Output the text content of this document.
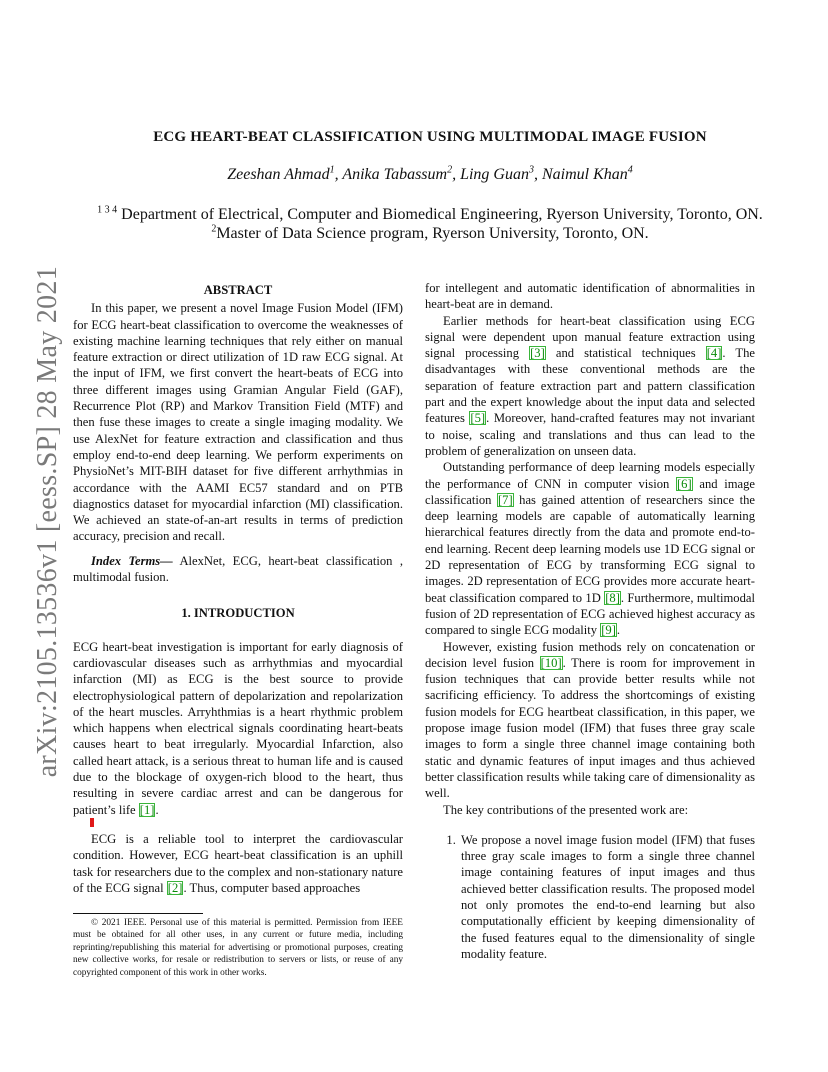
arXiv:2105.13536v1 [eess.SP] 28 May 2021
ECG HEART-BEAT CLASSIFICATION USING MULTIMODAL IMAGE FUSION
Zeeshan Ahmad$^1$, Anika Tabassum$^2$, Ling Guan$^3$, Naimul Khan$^4$
$^{1 3 4}$ Department of Electrical, Computer and Biomedical Engineering, Ryerson University, Toronto, ON.
$^2$Master of Data Science program, Ryerson University, Toronto, ON.
ABSTRACT

In this paper, we present a novel Image Fusion Model (IFM) for ECG heart-beat classification to overcome the weaknesses of existing machine learning techniques that rely either on manual feature extraction or direct utilization of 1D raw ECG signal. At the input of IFM, we first convert the heart-beats of ECG into three different images using Gramian Angular Field (GAF), Recurrence Plot (RP) and Markov Transition Field (MTF) and then fuse these images to create a single imaging modality. We use AlexNet for feature extraction and classification and thus employ end-to-end deep learning. We perform experiments on PhysioNet’s MIT-BIH dataset for five different arrhythmias in accordance with the AAMI EC57 standard and on PTB diagnostics dataset for myocardial infarction (MI) classification. We achieved an state-of-an-art results in terms of prediction accuracy, precision and recall.

Index Terms— AlexNet, ECG, heart-beat classification , multimodal fusion.

1. INTRODUCTION

ECG heart-beat investigation is important for early diagnosis of cardiovascular diseases such as arrhythmias and myocardial infarction (MI) as ECG is the best source to provide electrophysiological pattern of depolarization and repolarization of the heart muscles. Arryhthmias is a heart rhythmic problem which happens when electrical signals coordinating heart-beats causes heart to beat irregularly. Myocardial Infarction, also called heart attack, is a serious threat to human life and is caused due to the blockage of oxygen-rich blood to the heart, thus resulting in severe cardiac arrest and can be dangerous for patient’s life [1].

ECG is a reliable tool to interpret the cardiovascular condition. However, ECG heart-beat classification is an uphill task for researchers due to the complex and non-stationary nature of the ECG signal [2]. Thus, computer based approaches

© 2021 IEEE. Personal use of this material is permitted. Permission from IEEE must be obtained for all other uses, in any current or future media, including reprinting/republishing this material for advertising or promotional purposes, creating new collective works, for resale or redistribution to servers or lists, or reuse of any copyrighted component of this work in other works.

for intellegent and automatic identification of abnormalities in heart-beat are in demand.

Earlier methods for heart-beat classification using ECG signal were dependent upon manual feature extraction using signal processing [3] and statistical techniques [4]. The disadvantages with these conventional methods are the separation of feature extraction part and pattern classification part and the expert knowledge about the input data and selected features [5]. Moreover, hand-crafted features may not invariant to noise, scaling and translations and thus can lead to the problem of generalization on unseen data.

Outstanding performance of deep learning models especially the performance of CNN in computer vision [6] and image classification [7] has gained attention of researchers since the deep learning models are capable of automatically learning hierarchical features directly from the data and promote end-to-end learning. Recent deep learning models use 1D ECG signal or 2D representation of ECG by transforming ECG signal to images. 2D representation of ECG provides more accurate heart-beat classification compared to 1D [8]. Furthermore, multimodal fusion of 2D representation of ECG achieved highest accuracy as compared to single ECG modality [9].

However, existing fusion methods rely on concatenation or decision level fusion [10]. There is room for improvement in fusion techniques that can provide better results while not sacrificing efficiency. To address the shortcomings of existing fusion models for ECG heartbeat classification, in this paper, we propose image fusion model (IFM) that fuses three gray scale images to form a single three channel image containing both static and dynamic features of input images and thus achieved better classification results while taking care of dimensionality as well.

The key contributions of the presented work are:

1. We propose a novel image fusion model (IFM) that fuses three gray scale images to form a single three channel image containing features of input images and thus achieved better classification results. The proposed model not only promotes the end-to-end learning but also computationally efficient by keeping dimensionality of the fused features equal to the dimensionality of single modality feature.
